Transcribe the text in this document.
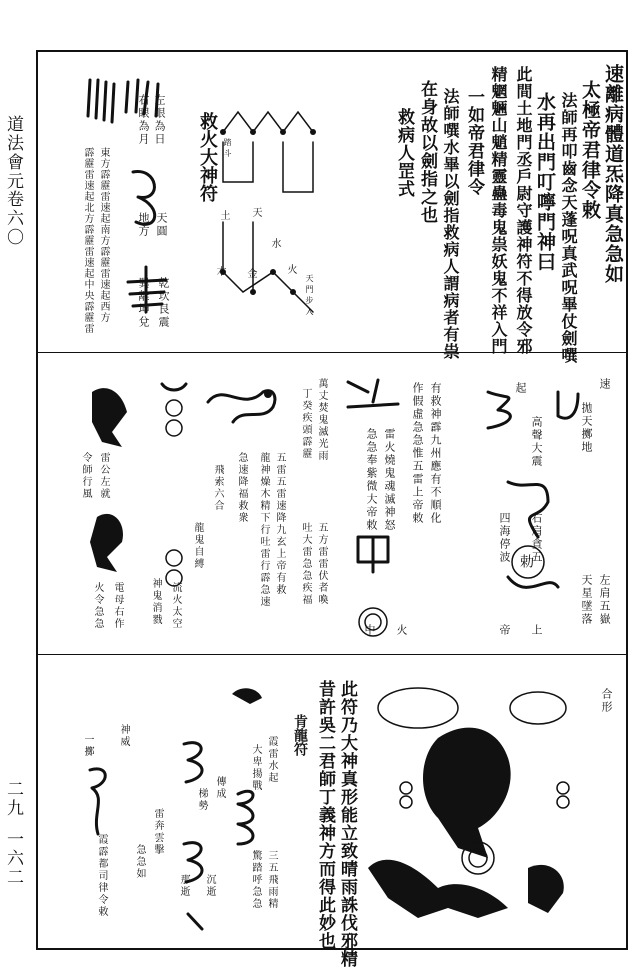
道法會元
卷六〇
二九
一六二
速離病體道炁降真急急如
太極帝君律令敕
法師再叩齒念天蓬呪真武呪畢仗劍噀
水再出門叮嚀門神曰
此間土地門丞戶尉守護神符不得放令邪
精魍魎山魈精靈蠱毒鬼祟妖鬼不祥入門
一如帝君律令
法師噀水畢以劍指救病人謂病者有祟
在身故以劍指之也
救病人罡式
天
土
水
木 金	火
天門步入
救火大神符 踏斗
左眼為日
右眼為月
天圓
地方
乾坎艮震
巽離坤兌
東方霹靂雷速起南方霹靂雷速起西方
霹靂雷速起北方霹靂雷速起中央霹靂雷
速
拋天擲地
起
高聲大震
右肩貪五
四海停波
左肩五嶽
天星墜落
上
帝
勅
有救神霹九州應有不順化
作假虛急急惟五雷上帝敕
雷火燒鬼魂滅神怒
急急奉紫微大帝敕
中 火
萬丈焚鬼滅光雨
丁癸疾頭霹靂
五方雷雷伏者喚
吐大雷急急疾福
五雷五雷速降九玄上帝有救
龍神燥木精下行吐雷行霹急速
急速降福救衆
飛索六合
龍鬼自縛
流火太空
神鬼消戮
雷公左就
令師行風
電母右作
火令急急
合形
此符乃大神真形能立致晴雨誅伐邪精
昔許吳二君師丁義神方而得此妙也
肯龍符
霞雷水起
大卑揚戰
三五飛雨精
驚踏呼急急
傳成
梯勢
沉逝
那逝
雷奔雲擊
急急如
神威
一擲
霞霹都司律令敕
